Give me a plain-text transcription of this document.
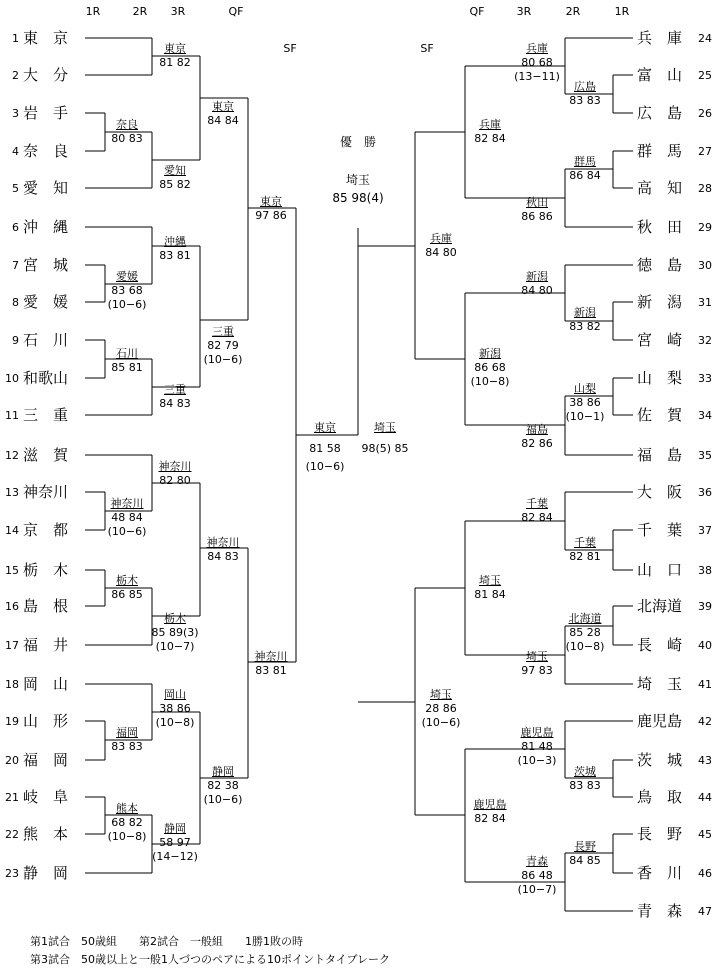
1R	2R 3R	QF
SF	SF
QF	3R	2R	1R
1 東　京
2 大　分
3 岩　手
4 奈　良
5 愛　知
6 沖　縄
7 宮　城
8 愛　媛
9 石　川
10 和歌山
11 三　重
12 滋　賀
13 神奈川
14 京　都
15 栃　木
16 島　根
17 福　井
18 岡　山
19 山　形
20 福　岡
21 岐　阜
22 熊　本
23 静　岡
兵　庫 24
富　山 25
広　島 26
群　馬 27
高　知 28
秋　田 29
徳　島 30
新　潟 31
宮　崎 32
山　梨 33
佐　賀 34
福　島 35
大　阪 36
千　葉 37
山　口 38
北海道 39
長　崎 40
埼　玉 41
鹿児島 42
茨　城 43
鳥　取 44
長　野 45
香　川 46
青　森 47
奈良
80 83
愛媛
83 68
(10−6)
石川
85 81
神奈川
48 84
(10−6)
栃木
86 85
福岡
83 83
熊本
68 82
(10−8)
東京
81 82
愛知
85 82
沖縄
83 81
三重
84 83
神奈川
82 80
栃木
85 89(3)
(10−7)
岡山
38 86
(10−8)
静岡
58 97
(14−12)
東京
84 84
三重
82 79
(10−6)
神奈川
84 83
静岡
82 38
(10−6)
東京
97 86
神奈川
83 81
東京
81 58
(10−6)
広島
83 83
群馬
86 84
新潟
83 82
山梨
38 86
(10−1)
千葉
82 81
北海道
85 28
(10−8)
茨城
83 83
長野
84 85
兵庫
80 68
(13−11)
秋田
86 86
新潟
84 80
福島
82 86
千葉
82 84
埼玉
97 83
鹿児島
81 48
(10−3)
青森
86 48
(10−7)
兵庫
82 84
新潟
86 68
(10−8)
埼玉
81 84
鹿児島
82 84
兵庫
84 80
埼玉
28 86
(10−6)
埼玉
98(5) 85
優　勝
埼玉
85 98(4)
第1試合　50歳組　　第2試合　一般組　　1勝1敗の時
第3試合　50歳以上と一般1人づつのペアによる10ポイントタイブレーク
